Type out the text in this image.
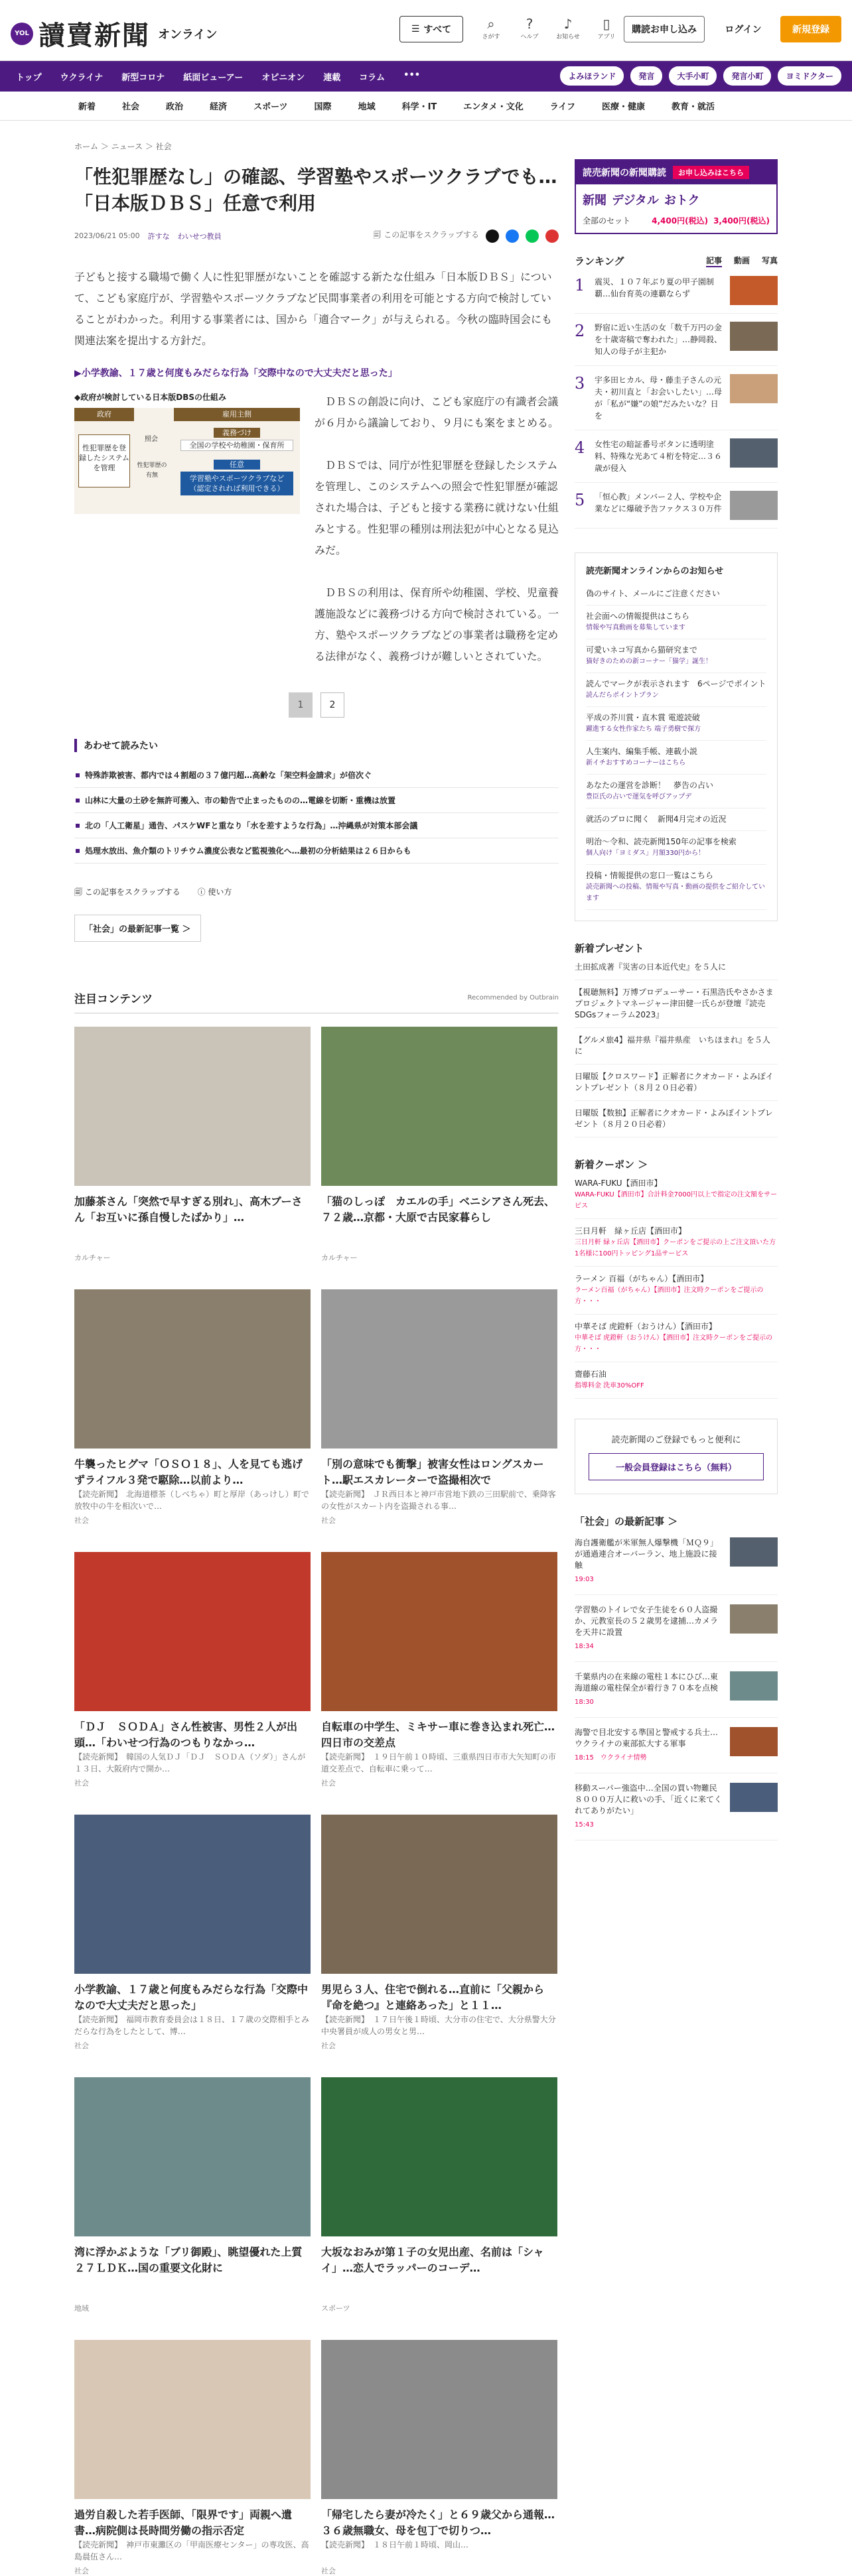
YOL 讀賣新聞 オンライン	☰ すべて	⌕
さがす
?
ヘルプ
♪
お知らせ
▯
アプリ
購読お申し込み	ログイン	新規登録
トップ	ウクライナ	新型コロナ	紙面ビューアー	オピニオン	連載	コラム	•••	よみほランド	発言	大手小町	発言小町	ヨミドクター
新着	社会	政治	経済	スポーツ	国際	地域	科学・IT	エンタメ・文化	ライフ	医療・健康	教育・就活
ホーム ＞ ニュース ＞ 社会
「性犯罪歴なし」の確認、学習塾やスポーツクラブでも…「日本版ＤＢＳ」任意で利用
2023/06/21 05:00 許すな わいせつ教員	🗐 この記事をスクラップする

子どもと接する職場で働く人に性犯罪歴がないことを確認する新たな仕組み「日本版ＤＢＳ」について、こども家庭庁が、学習塾やスポーツクラブなど民間事業者の利用を可能とする方向で検討していることがわかった。利用する事業者には、国から「適合マーク」が与えられる。今秋の臨時国会にも関連法案を提出する方針だ。

▶小学教諭、１７歳と何度もみだらな行為「交際中なので大丈夫だと思った」
◆政府が検討している日本版DBSの仕組み
政府	雇用主側
性犯罪歴を登録したシステムを管理
照会
性犯罪歴の有無
義務づけ
全国の学校や幼稚園・保育所
任意
学習塾やスポーツクラブなど（認定されれば利用できる）

ＤＢＳの創設に向け、こども家庭庁の有識者会議が６月から議論しており、９月にも案をまとめる。

ＤＢＳでは、同庁が性犯罪歴を登録したシステムを管理し、このシステムへの照会で性犯罪歴が確認された場合は、子どもと接する業務に就けない仕組みとする。性犯罪の種別は刑法犯が中心となる見込みだ。

ＤＢＳの利用は、保育所や幼稚園、学校、児童養護施設などに義務づける方向で検討されている。一方、塾やスポーツクラブなどの事業者は職務を定める法律がなく、義務づけが難しいとされていた。

1	2
あわせて読みたい
特殊詐欺被害、都内では４割超の３７億円超…高齢な「架空料金請求」が倍次ぐ
山林に大量の土砂を無許可搬入、市の勧告で止まったものの…電線を切断・重機は放置
北の「人工衛星」通告、パスケWFと重なり「水を差すような行為」…沖縄県が対策本部会議
処理水放出、魚介類のトリチウム濃度公表など監視強化へ…最初の分析結果は２６日からも
🗐 この記事をスクラップする ⓘ 使い方
「社会」の最新記事一覧 ＞
注目コンテンツ	Recommended by Outbrain
加藤茶さん「突然で早すぎる別れ」、高木ブーさん「お互いに孫自慢したばかり」…
カルチャー
「猫のしっぽ　カエルの手」ベニシアさん死去、７２歳…京都・大原で古民家暮らし
カルチャー
牛襲ったヒグマ「ＯＳＯ１８」、人を見ても逃げずライフル３発で駆除…以前より…
【読売新聞】　北海道標茶（しべちゃ）町と厚岸（あっけし）町で放牧中の牛を相次いで…
社会
「別の意味でも衝撃」被害女性はロングスカート…駅エスカレーターで盗撮相次で
【読売新聞】　ＪＲ西日本と神戸市営地下鉄の三田駅前で、乗降客の女性がスカート内を盗撮される事…
社会
「ＤＪ　ＳＯＤＡ」さん性被害、男性２人が出頭…「わいせつ行為のつもりなかっ…
【読売新聞】　韓国の人気ＤＪ「ＤＪ　ＳＯＤＡ（ソダ）」さんが１３日、大阪府内で開か…
社会
自転車の中学生、ミキサー車に巻き込まれ死亡…四日市の交差点
【読売新聞】　１９日午前１０時頃、三重県四日市市大矢知町の市道交差点で、自転車に乗って…
社会
小学教諭、１７歳と何度もみだらな行為「交際中なので大丈夫だと思った」
【読売新聞】　福岡市教育委員会は１８日、１７歳の交際相手とみだらな行為をしたとして、博…
社会
男児ら３人、住宅で倒れる…直前に「父親から『命を絶つ』と連絡あった」と１１…
【読売新聞】　１７日午後１時頃、大分市の住宅で、大分県警大分中央署員が成人の男女と男…
社会
湾に浮かぶような「ブリ御殿」、眺望優れた上質２７ＬＤＫ…国の重要文化財に
地域
大坂なおみが第１子の女児出産、名前は「シャイ」…恋人でラッパーのコーデ…
スポーツ
過労自殺した若手医師、「限界です」両親へ遺書…病院側は長時間労働の指示否定
【読売新聞】　神戸市東灘区の「甲南医療センター」の専攻医、高島晨伍さん…
社会
「帰宅したら妻が冷たく」と６９歳父から通報…３６歳無職女、母を包丁で切りつ…
【読売新聞】　１８日午前１時頃、岡山…
社会
読売新聞の新聞購読	お申し込みはこちら
新聞 デジタル おトク
全部のセット	4,400円(税込) 3,400円(税込)
ランキング	記事 動画 写真
1	震災、１０７年ぶり夏の甲子園制覇…仙台育英の連覇ならず
2	野宿に近い生活の女「数千万円の金を十歳寄稿で奪われた」…静岡殺、知人の母子が主犯か
3	宇多田ヒカル、母・藤圭子さんの元夫・初川直と「お会いしたい」…母が「私が“嫌”の娘”だみたいな？日を
4	女性宅の暗証番号ボタンに透明塗料、特殊な光あて４桁を特定…３６歳が侵入
5	「恒心教」メンバー２人、学校や企業などに爆破予告ファクス３０万件
読売新聞オンラインからのお知らせ
偽のサイト、メールにご注意ください
社会面への情報提供はこちら
情報や写真動画を募集しています
可愛いネコ写真から猫研究まで
猫好きのための新コーナー「猫学」誕生！
読んでマークが表示されます　6ページでポイント
読んだらポイントプラン
平成の芥川賞・直木賞 電遊読破
躍進する女性作家たち 端子勇樹で探方
人生案内、編集手帳、連載小説
新イチおすすめコーナーはこちら
あなたの運営を診断！　夢告の占い
豊臣氏の占いで運気を呼びアップデ
就活のプロに聞く　新聞4月完オの近況
明治〜令和、読売新聞150年の記事を検索
個人向け「ヨミダス」月額330円から！
投稿・情報提供の窓口一覧はこちら
読売新聞への投稿、情報や写真・動画の提供をご紹介しています
新着プレゼント
土田拡成著『災害の日本近代史』を５人に
【視聴無料】万博プロデューサー・石黒浩氏やさかさまプロジェクトマネージャー津田健一氏らが登壇『読売SDGsフォーラム2023』
【グルメ旅4】福井県『福井県産　いちほまれ』を５人に
日曜版【クロスワード】正解者にクオカード・よみぽイントプレゼント（８月２０日必着）
日曜版【数独】正解者にクオカード・よみぽイントプレゼント（８月２０日必着）
新着クーポン ＞
WARA-FUKU【酒田市】
WARA-FUKU【酒田市】合計料金7000円以上で指定の注文額をサービス
三日月軒　緑ヶ丘店【酒田市】
三日月軒 緑ヶ丘店【酒田市】クーポンをご提示の上ご注文頂いた方1名様に100円トッピング1品サービス
ラーメン 百福（がちゃん）【酒田市】
ラーメン百福（がちゃん）【酒田市】注文時クーポンをご提示の方・・・
中華そば 虎鐙軒（おうけん）【酒田市】
中華そば 虎鐙軒（おうけん）【酒田市】注文時クーポンをご提示の方・・・
齋藤石油
指導料金 洗車30%OFF
読売新聞のご登録でもっと便利に
一般会員登録はこちら（無料）
「社会」の最新記事 ＞
海自護衛艦が米軍無人爆撃機「ＭＱ９」が通過連合オーバーラン、地上施設に接触
19:03
学習塾のトイレで女子生徒を６０人盗撮か、元教室長の５２歳男を逮捕…カメラを天井に設置
18:34
千葉県内の在来線の電柱１本にひび…東海道線の電柱保全が着行き７０本を点検
18:30
海警で目北安する準国と警戒する兵士…ウクライナの東部拡大する軍事
18:15　ウクライナ情勢
移動スーパー強盗中…全国の買い物難民８０００万人に救いの手、「近くに来てくれてありがたい」
15:43
